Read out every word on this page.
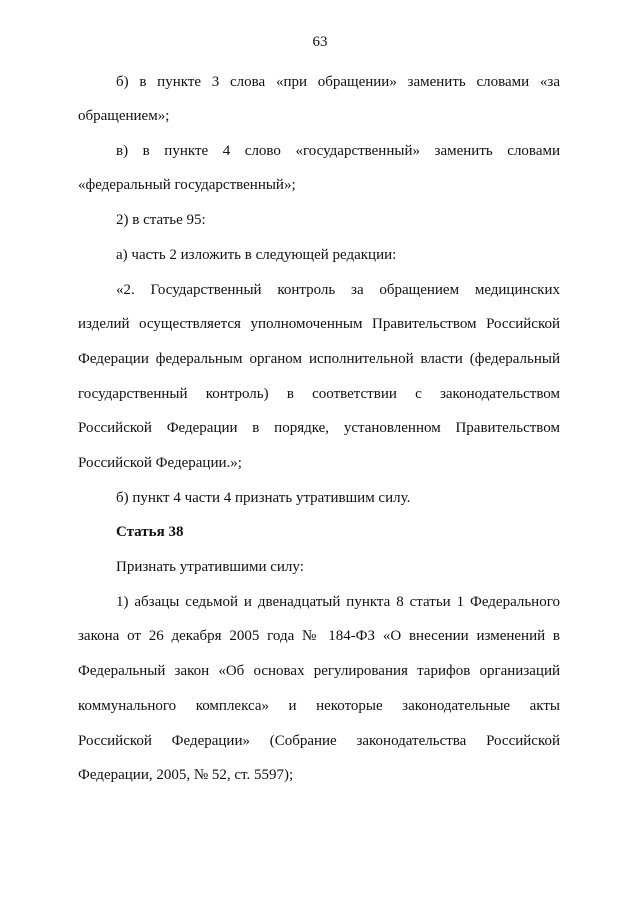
63
б) в пункте 3 слова «при обращении» заменить словами «за
обращением»;
в) в пункте 4 слово «государственный» заменить словами
«федеральный государственный»;
2) в статье 95:
а) часть 2 изложить в следующей редакции:
«2. Государственный контроль за обращением медицинских
изделий осуществляется уполномоченным Правительством Российской
Федерации федеральным органом исполнительной власти (федеральный
государственный контроль) в соответствии с законодательством
Российской Федерации в порядке, установленном Правительством
Российской Федерации.»;
б) пункт 4 части 4 признать утратившим силу.
Статья 38
Признать утратившими силу:
1) абзацы седьмой и двенадцатый пункта 8 статьи 1 Федерального
закона от 26 декабря 2005 года № 184-ФЗ «О внесении изменений в
Федеральный закон «Об основах регулирования тарифов организаций
коммунального комплекса» и некоторые законодательные акты
Российской Федерации» (Собрание законодательства Российской
Федерации, 2005, № 52, ст. 5597);
